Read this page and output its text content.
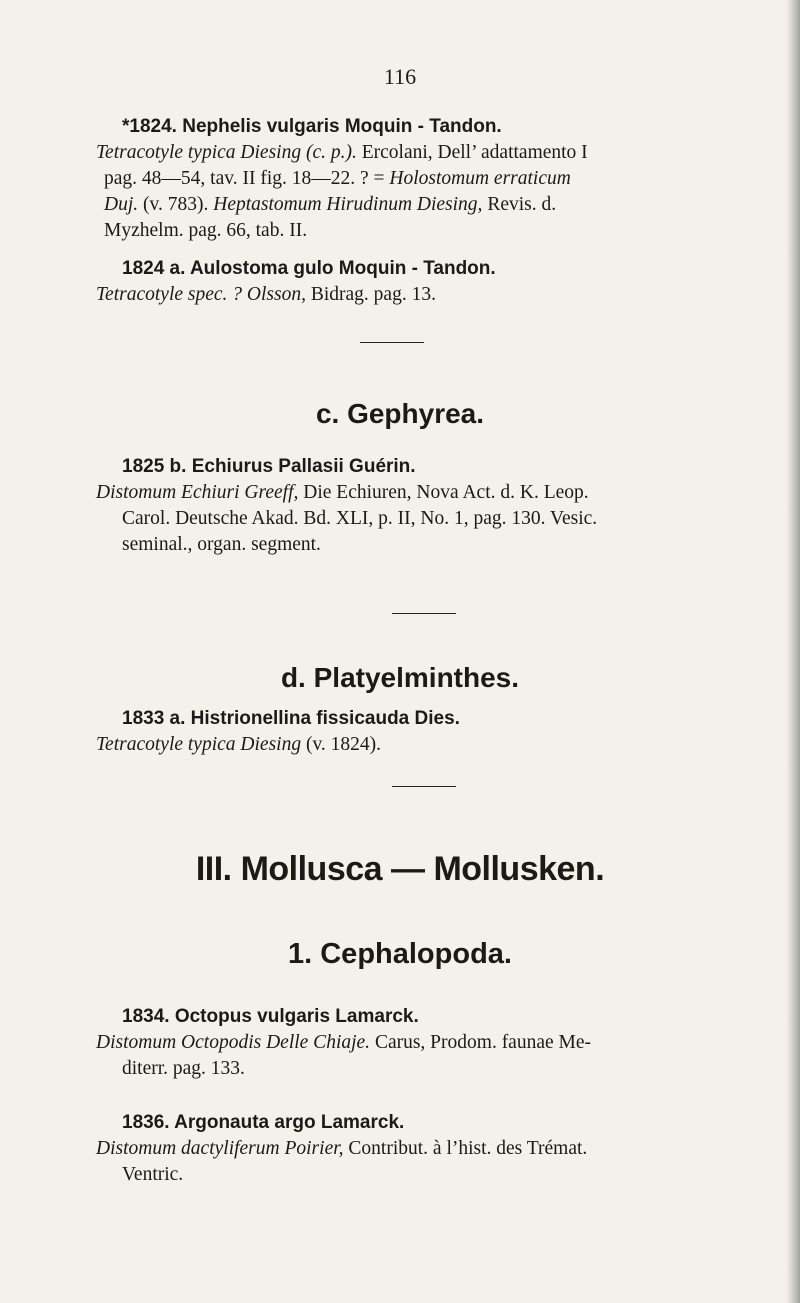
116
*1824. Nephelis vulgaris Moquin - Tandon.
Tetracotyle typica Diesing (c. p.). Ercolani, Dell’ adattamento I
pag. 48—54, tav. II fig. 18—22. ? = Holostomum erraticum
Duj. (v. 783). Heptastomum Hirudinum Diesing, Revis. d.
Myzhelm. pag. 66, tab. II.
1824 a. Aulostoma gulo Moquin - Tandon.
Tetracotyle spec. ? Olsson, Bidrag. pag. 13.
c. Gephyrea.
1825 b. Echiurus Pallasii Guérin.
Distomum Echiuri Greeff, Die Echiuren, Nova Act. d. K. Leop.
Carol. Deutsche Akad. Bd. XLI, p. II, No. 1, pag. 130. Vesic.
seminal., organ. segment.
d. Platyelminthes.
1833 a. Histrionellina fissicauda Dies.
Tetracotyle typica Diesing (v. 1824).
III. Mollusca — Mollusken.
1. Cephalopoda.
1834. Octopus vulgaris Lamarck.
Distomum Octopodis Delle Chiaje. Carus, Prodom. faunae Me-
diterr. pag. 133.
1836. Argonauta argo Lamarck.
Distomum dactyliferum Poirier, Contribut. à l’hist. des Trémat.
Ventric.
